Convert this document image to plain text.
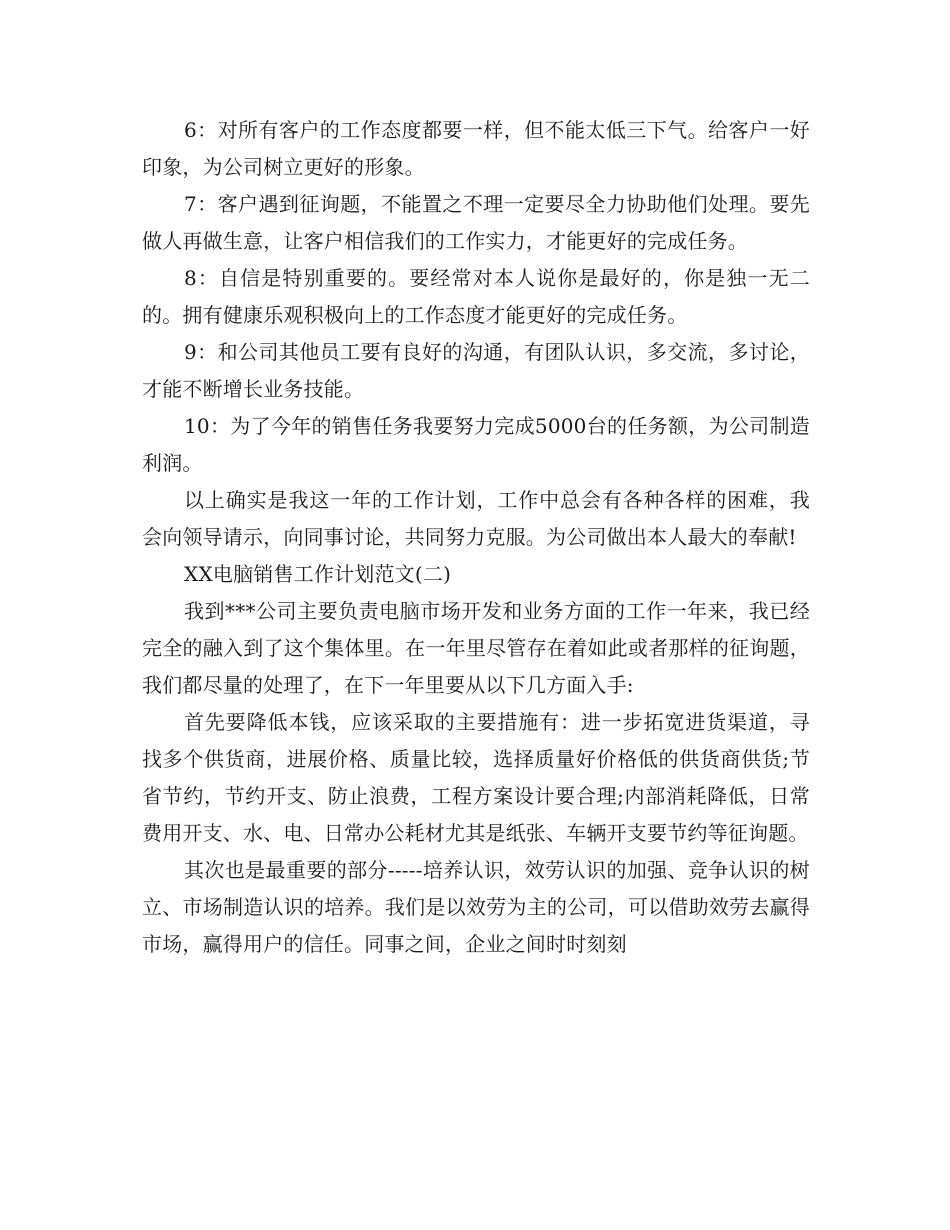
6：对所有客户的工作态度都要一样，但不能太低三下气。给客户一好印象，为公司树立更好的形象。

7：客户遇到征询题，不能置之不理一定要尽全力协助他们处理。要先做人再做生意，让客户相信我们的工作实力，才能更好的完成任务。

8：自信是特别重要的。要经常对本人说你是最好的，你是独一无二的。拥有健康乐观积极向上的工作态度才能更好的完成任务。

9：和公司其他员工要有良好的沟通，有团队认识，多交流，多讨论，才能不断增长业务技能。

10：为了今年的销售任务我要努力完成5000台的任务额，为公司制造利润。

以上确实是我这一年的工作计划，工作中总会有各种各样的困难，我会向领导请示，向同事讨论，共同努力克服。为公司做出本人最大的奉献!

XX电脑销售工作计划范文(二)

我到***公司主要负责电脑市场开发和业务方面的工作一年来，我已经完全的融入到了这个集体里。在一年里尽管存在着如此或者那样的征询题，我们都尽量的处理了，在下一年里要从以下几方面入手:

首先要降低本钱，应该采取的主要措施有：进一步拓宽进货渠道，寻找多个供货商，进展价格、质量比较，选择质量好价格低的供货商供货;节省节约，节约开支、防止浪费，工程方案设计要合理;内部消耗降低，日常费用开支、水、电、日常办公耗材尤其是纸张、车辆开支要节约等征询题。

其次也是最重要的部分-----培养认识，效劳认识的加强、竞争认识的树立、市场制造认识的培养。我们是以效劳为主的公司，可以借助效劳去赢得市场，赢得用户的信任。同事之间，企业之间时时刻刻
